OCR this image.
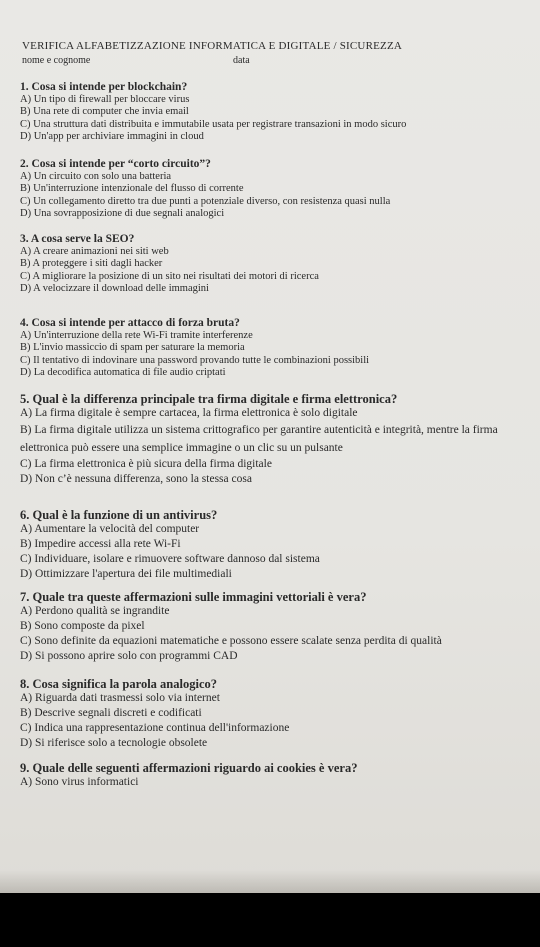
VERIFICA ALFABETIZZAZIONE INFORMATICA E DIGITALE / SICUREZZA
nome e cognome	data
1. Cosa si intende per blockchain?
A) Un tipo di firewall per bloccare virus
B) Una rete di computer che invia email
C) Una struttura dati distribuita e immutabile usata per registrare transazioni in modo sicuro
D) Un'app per archiviare immagini in cloud
2. Cosa si intende per “corto circuito”?
A) Un circuito con solo una batteria
B) Un'interruzione intenzionale del flusso di corrente
C) Un collegamento diretto tra due punti a potenziale diverso, con resistenza quasi nulla
D) Una sovrapposizione di due segnali analogici
3. A cosa serve la SEO?
A) A creare animazioni nei siti web
B) A proteggere i siti dagli hacker
C) A migliorare la posizione di un sito nei risultati dei motori di ricerca
D) A velocizzare il download delle immagini
4. Cosa si intende per attacco di forza bruta?
A) Un'interruzione della rete Wi-Fi tramite interferenze
B) L'invio massiccio di spam per saturare la memoria
C) Il tentativo di indovinare una password provando tutte le combinazioni possibili
D) La decodifica automatica di file audio criptati
5. Qual è la differenza principale tra firma digitale e firma elettronica?
A) La firma digitale è sempre cartacea, la firma elettronica è solo digitale
B) La firma digitale utilizza un sistema crittografico per garantire autenticità e integrità, mentre la firma elettronica può essere una semplice immagine o un clic su un pulsante
C) La firma elettronica è più sicura della firma digitale
D) Non c’è nessuna differenza, sono la stessa cosa
6. Qual è la funzione di un antivirus?
A) Aumentare la velocità del computer
B) Impedire accessi alla rete Wi-Fi
C) Individuare, isolare e rimuovere software dannoso dal sistema
D) Ottimizzare l'apertura dei file multimediali
7. Quale tra queste affermazioni sulle immagini vettoriali è vera?
A) Perdono qualità se ingrandite
B) Sono composte da pixel
C) Sono definite da equazioni matematiche e possono essere scalate senza perdita di qualità
D) Si possono aprire solo con programmi CAD
8. Cosa significa la parola analogico?
A) Riguarda dati trasmessi solo via internet
B) Descrive segnali discreti e codificati
C) Indica una rappresentazione continua dell'informazione
D) Si riferisce solo a tecnologie obsolete
9. Quale delle seguenti affermazioni riguardo ai cookies è vera?
A) Sono virus informatici
